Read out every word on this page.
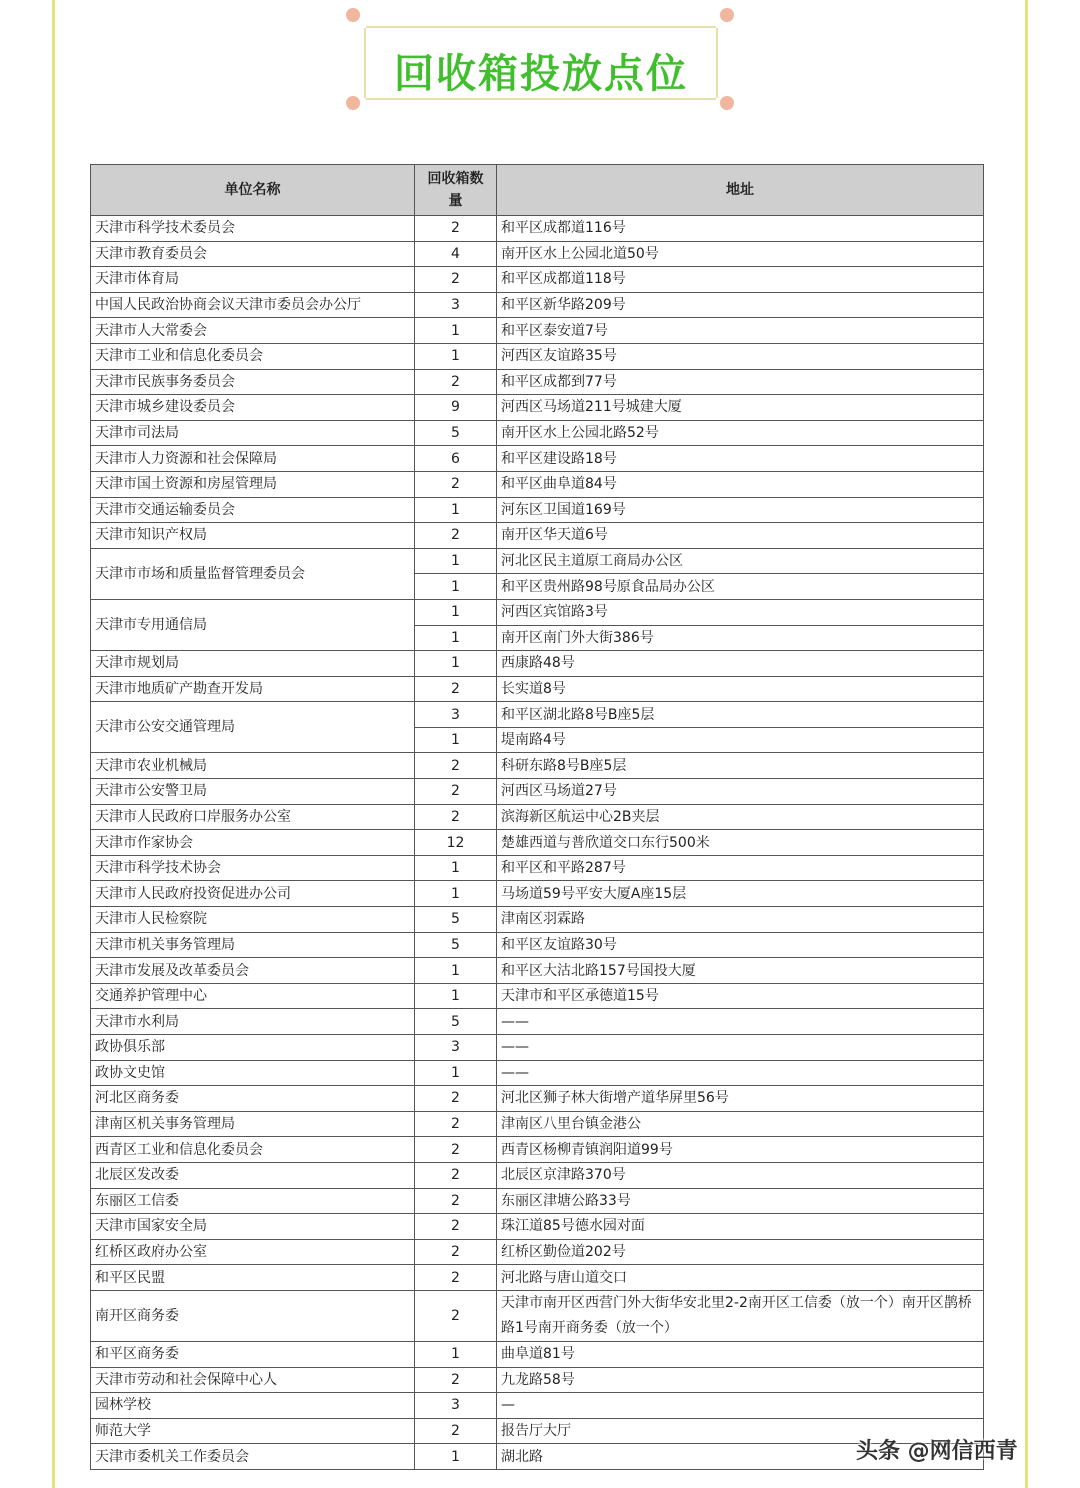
回收箱投放点位
单位名称	回收箱数量	地址
天津市科学技术委员会	2	和平区成都道116号
天津市教育委员会	4	南开区水上公园北道50号
天津市体育局	2	和平区成都道118号
中国人民政治协商会议天津市委员会办公厅	3	和平区新华路209号
天津市人大常委会	1	和平区泰安道7号
天津市工业和信息化委员会	1	河西区友谊路35号
天津市民族事务委员会	2	和平区成都到77号
天津市城乡建设委员会	9	河西区马场道211号城建大厦
天津市司法局	5	南开区水上公园北路52号
天津市人力资源和社会保障局	6	和平区建设路18号
天津市国土资源和房屋管理局	2	和平区曲阜道84号
天津市交通运输委员会	1	河东区卫国道169号
天津市知识产权局	2	南开区华天道6号
天津市市场和质量监督管理委员会	1	河北区民主道原工商局办公区
	1	和平区贵州路98号原食品局办公区
天津市专用通信局	1	河西区宾馆路3号
	1	南开区南门外大街386号
天津市规划局	1	西康路48号
天津市地质矿产勘查开发局	2	长实道8号
天津市公安交通管理局	3	和平区湖北路8号B座5层
	1	堤南路4号
天津市农业机械局	2	科研东路8号B座5层
天津市公安警卫局	2	河西区马场道27号
天津市人民政府口岸服务办公室	2	滨海新区航运中心2B夹层
天津市作家协会	12	楚雄西道与普欣道交口东行500米
天津市科学技术协会	1	和平区和平路287号
天津市人民政府投资促进办公司	1	马场道59号平安大厦A座15层
天津市人民检察院	5	津南区羽霖路
天津市机关事务管理局	5	和平区友谊路30号
天津市发展及改革委员会	1	和平区大沽北路157号国投大厦
交通养护管理中心	1	天津市和平区承德道15号
天津市水利局	5	——
政协俱乐部	3	——
政协文史馆	1	——
河北区商务委	2	河北区狮子林大街增产道华屏里56号
津南区机关事务管理局	2	津南区八里台镇金港公
西青区工业和信息化委员会	2	西青区杨柳青镇润阳道99号
北辰区发改委	2	北辰区京津路370号
东丽区工信委	2	东丽区津塘公路33号
天津市国家安全局	2	珠江道85号德水园对面
红桥区政府办公室	2	红桥区勤俭道202号
和平区民盟	2	河北路与唐山道交口
南开区商务委	2	天津市南开区西营门外大街华安北里2-2南开区工信委（放一个）南开区鹊桥路1号南开商务委（放一个）
和平区商务委	1	曲阜道81号
天津市劳动和社会保障中心人	2	九龙路58号
园林学校	3	—
师范大学	2	报告厅大厅
天津市委机关工作委员会	1	湖北路	头条 @网信西青
